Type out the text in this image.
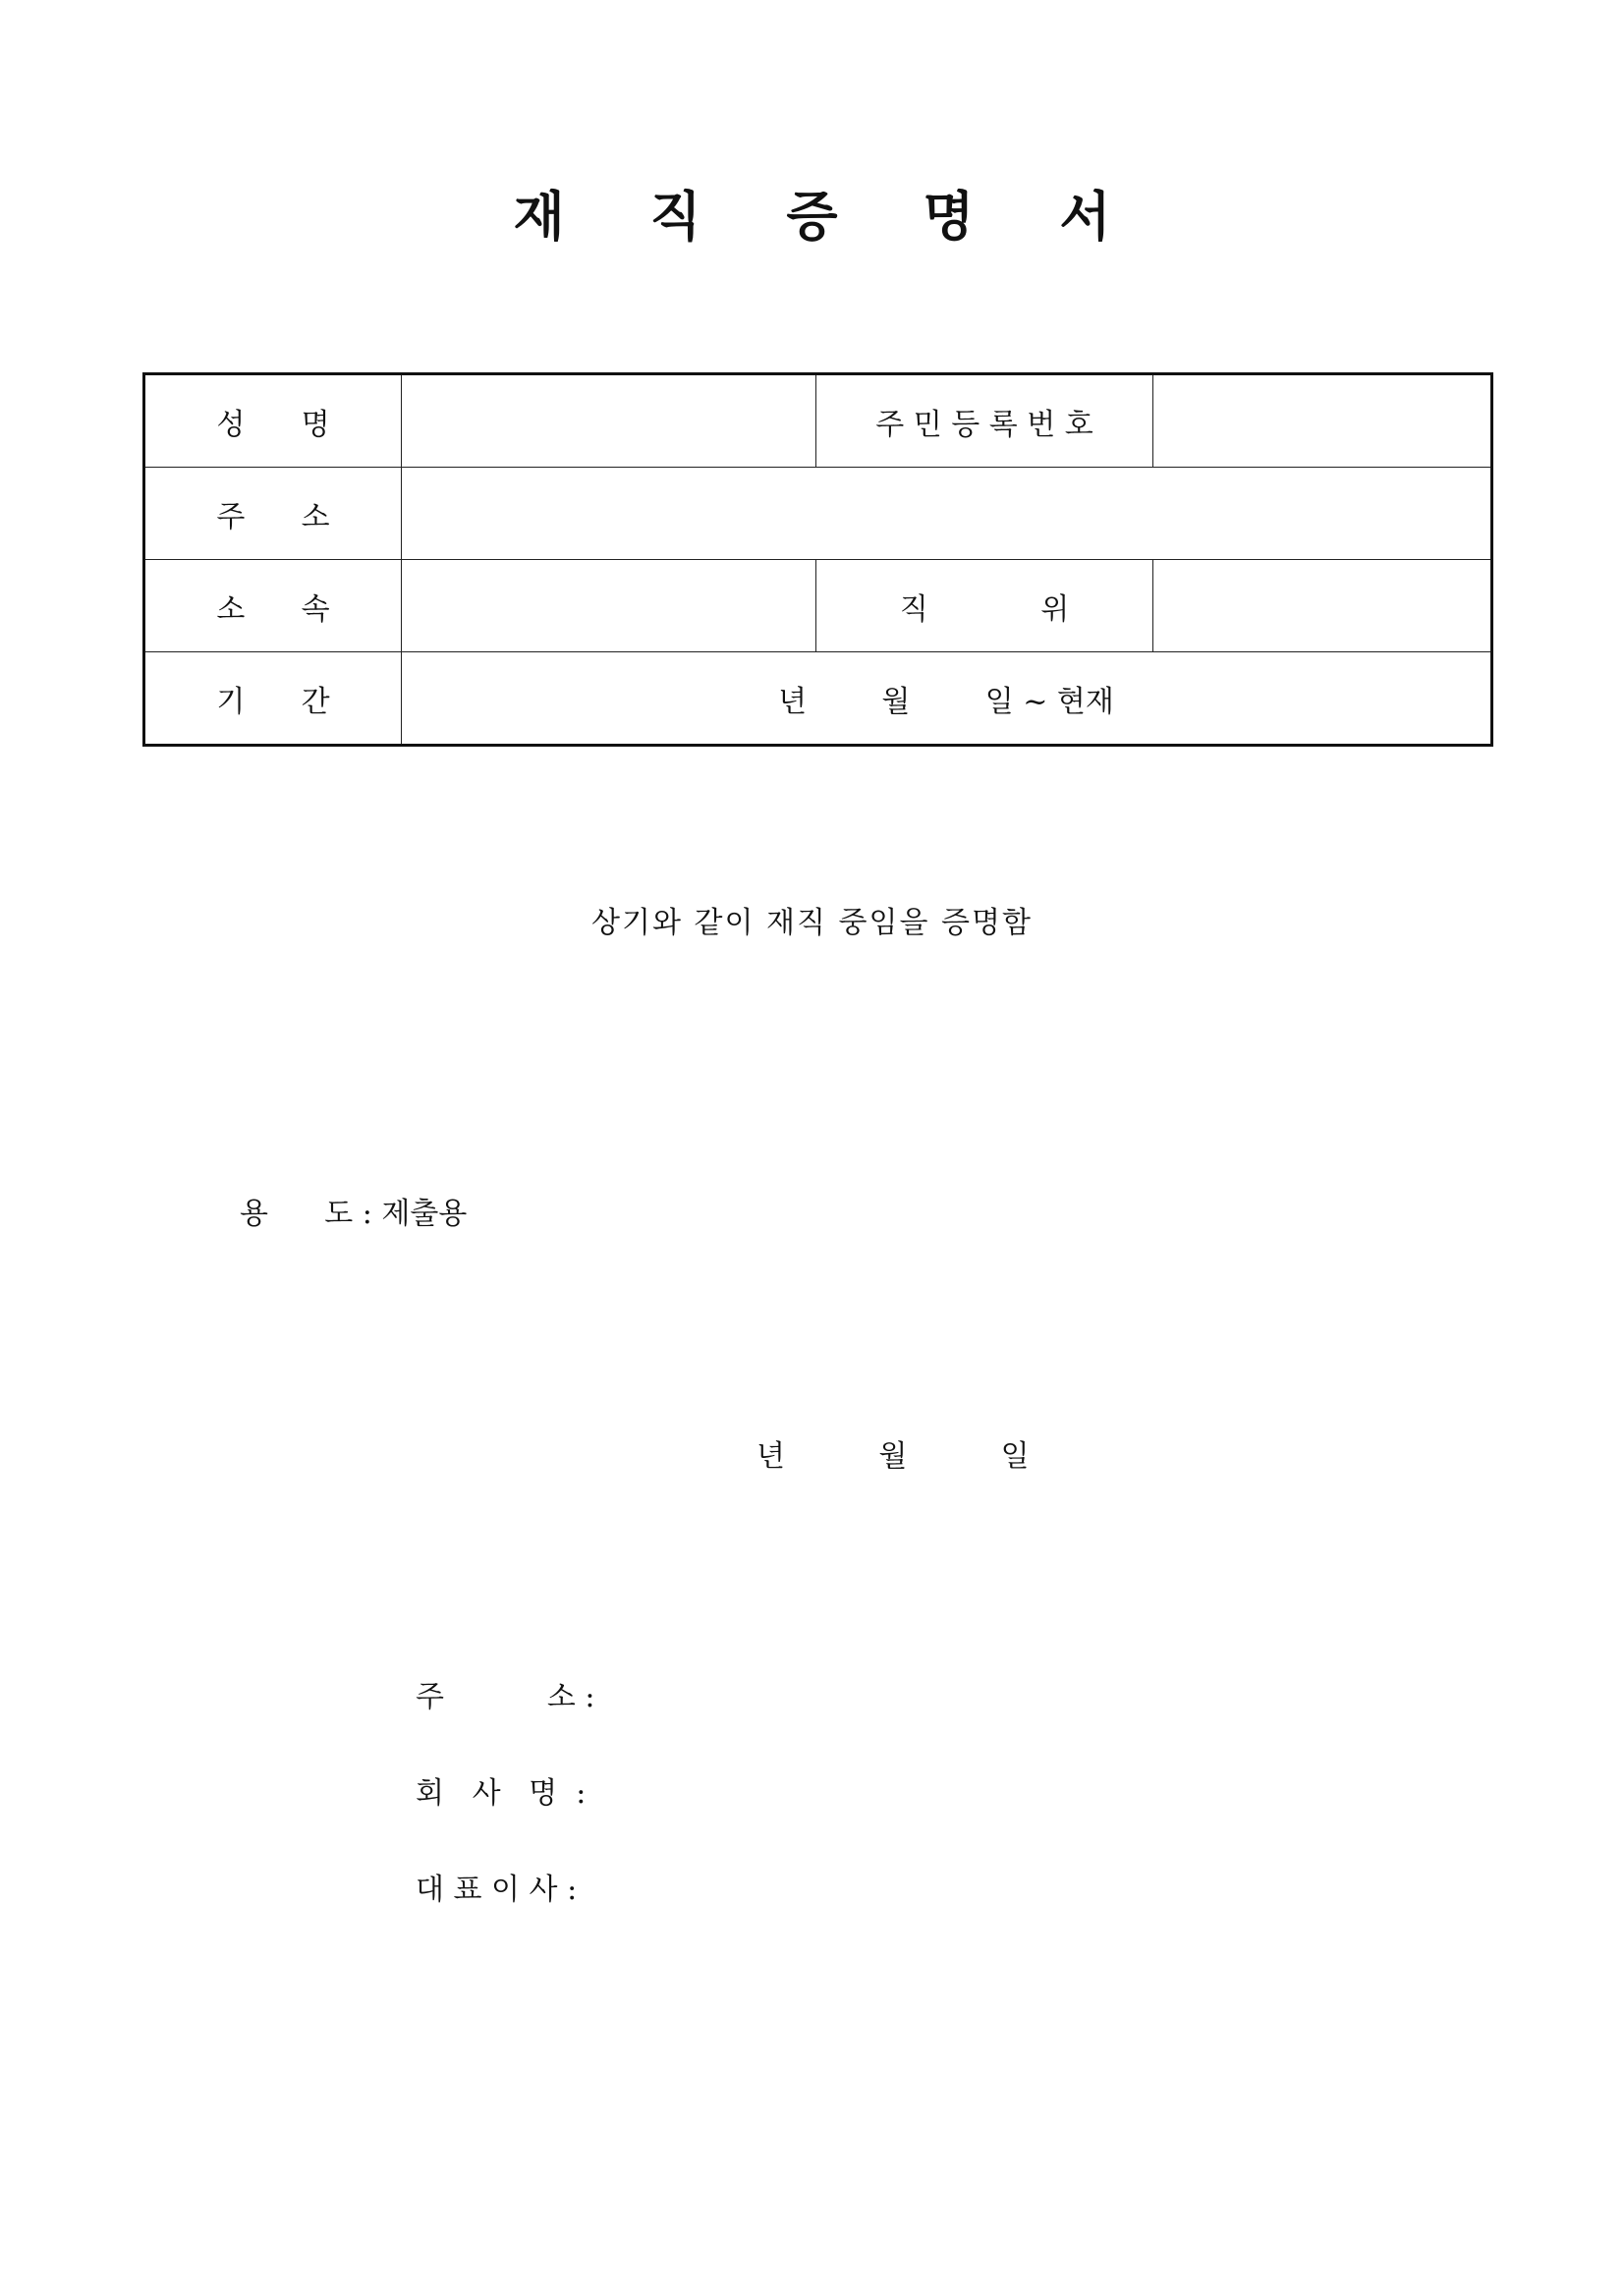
재 직 증 명 서
성      명		주 민 등 록 번 호	
주      소			
소      속		직            위	
기      간	년        월        일 ~ 현재		
상기와 같이 재직 중임을 증명함
용      도 : 제출용
년          월          일
주           소 :
회   사   명  :
대 표 이 사 :
